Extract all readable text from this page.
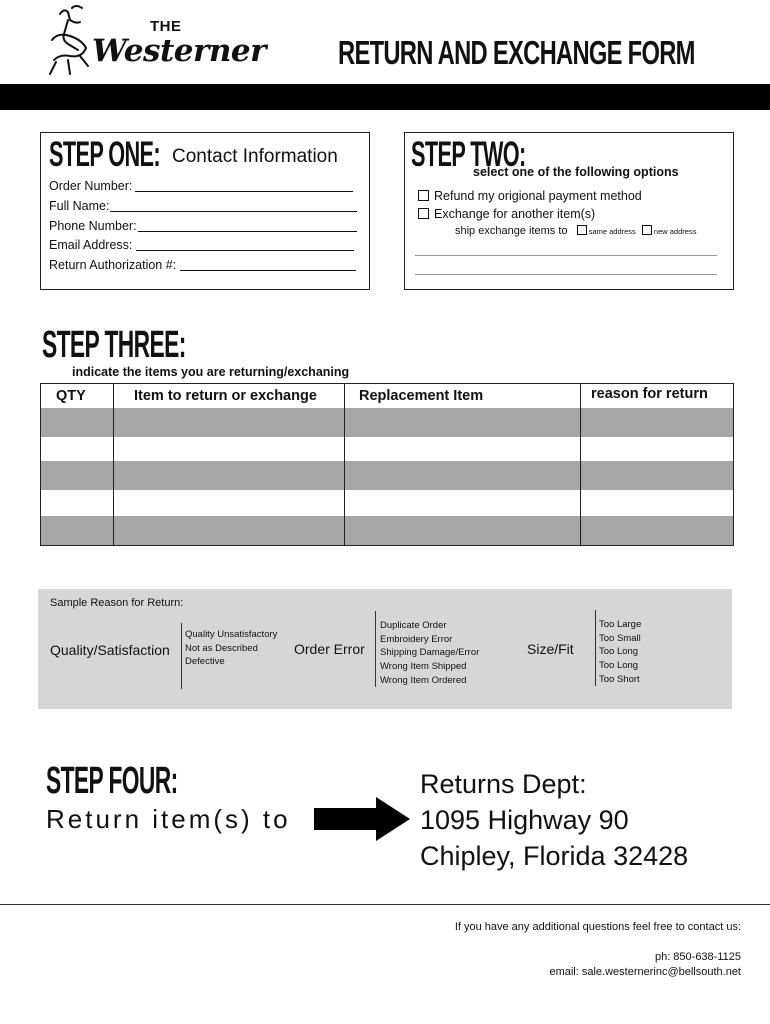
THE
Westerner RETURN AND EXCHANGE FORM
STEP ONE: Contact Information
Order Number:
Full Name:
Phone Number:
Email Address:
Return Authorization #:
STEP TWO:
select one of the following options
Refund my origional payment method
Exchange for another item(s)
ship exchange items to	same address new address
STEP THREE:
indicate the items you are returning/exchaning
QTY	Item to return or exchange	Replacement Item	reason for return
Sample Reason for Return:
Quality/Satisfaction
Quality Unsatisfactory
Not as Described
Defective
Order Error
Duplicate Order
Embroidery Error
Shipping Damage/Error
Wrong Item Shipped
Wrong Item Ordered
Size/Fit
Too Large
Too Small
Too Long
Too Long
Too Short
STEP FOUR:
Return item(s) to
Returns Dept:
1095 Highway 90
Chipley, Florida 32428
If you have any additional questions feel free to contact us:
ph: 850-638-1125
email: sale.westernerinc@bellsouth.net
